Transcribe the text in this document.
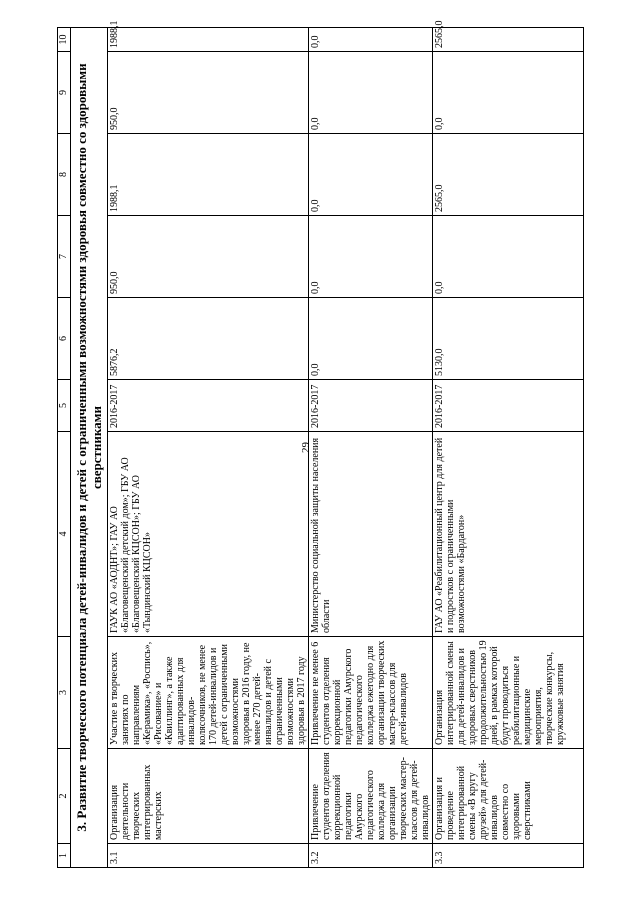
29
1	2	3	4	5	6	7	8	9	10
3. Развитие творческого потенциала детей-инвалидов и детей с ограниченными возможностями здоровья совместно со здоровыми сверстниками									
3.1	Организация деятельности творческих интегрированных мастерских	Участие в творческих занятиях по направлениям «Керамика», «Роспись», «Рисование» и «Квиллинг», а также адаптированных для инвалидов-колясочников, не менее 170 детей-инвалидов и детей с ограниченными возможностями здоровья в 2016 году, не менее 270 детей-инвалидов и детей с ограниченными возможностями здоровья в 2017 году	ГАУК АО «АОДНТ»; ГАУ АО «Благовещенский детский дом»; ГБУ АО «Благовещенский КЦСОН»; ГБУ АО «Тындинский КЦСОН»	2016-2017	5876,2	950,0	1988,1	950,0	1988,1
3.2	Привлечение студентов отделения коррекционной педагогики Амурского педагогического колледжа для организации творческих мастер-классов для детей-инвалидов	Привлечение не менее 6 студентов отделения коррекционной педагогики Амурского педагогического колледжа ежегодно для организации творческих мастер-классов для детей-инвалидов	Министерство социальной защиты населения области	2016-2017	0,0	0,0	0,0	0,0	0,0
3.3	Организация и проведение интегрированной смены «В кругу друзей» для детей-инвалидов совместно со здоровыми сверстниками	Организация интегрированной смены для детей-инвалидов и здоровых сверстников продолжительностью 19 дней, в рамках которой будут проводиться реабилитационные и медицинские мероприятия, творческие конкурсы, кружковые занятия	ГАУ АО «Реабилитационный центр для детей и подростков с ограниченными возможностями «Бардагон»	2016-2017	5130,0	0,0	2565,0	0,0	2565,0
